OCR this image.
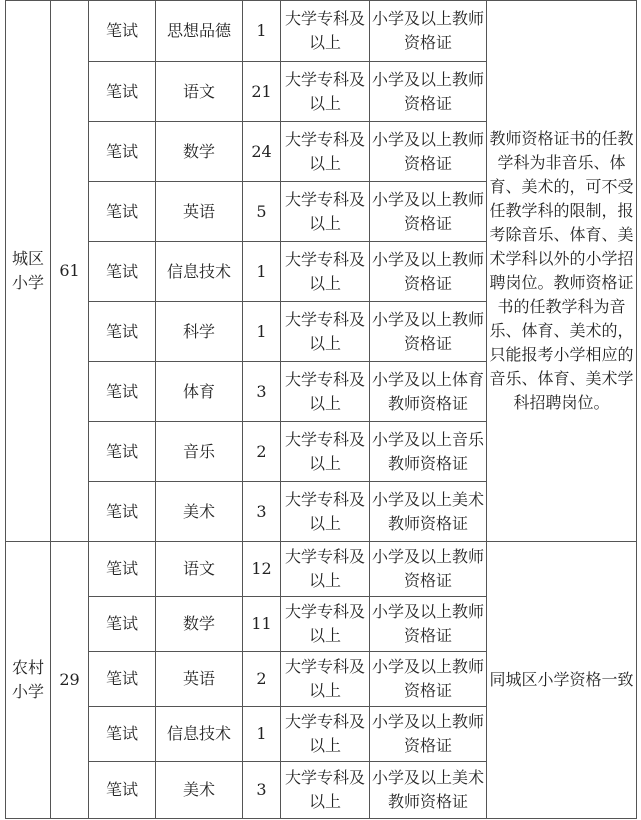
城区小学	61	笔试	思想品德	1	大学专科及以上	小学及以上教师资格证	教师资格证书的任教学科为非音乐、体育、美术的，可不受任教学科的限制，报考除音乐、体育、美术学科以外的小学招聘岗位。教师资格证书的任教学科为音乐、体育、美术的，只能报考小学相应的音乐、体育、美术学科招聘岗位。
		笔试	语文	21	大学专科及以上	小学及以上教师资格证	
		笔试	数学	24	大学专科及以上	小学及以上教师资格证	
		笔试	英语	5	大学专科及以上	小学及以上教师资格证	
		笔试	信息技术	1	大学专科及以上	小学及以上教师资格证	
		笔试	科学	1	大学专科及以上	小学及以上教师资格证	
		笔试	体育	3	大学专科及以上	小学及以上体育教师资格证	
		笔试	音乐	2	大学专科及以上	小学及以上音乐教师资格证	
		笔试	美术	3	大学专科及以上	小学及以上美术教师资格证	
农村小学	29	笔试	语文	12	大学专科及以上	小学及以上教师资格证	同城区小学资格一致
		笔试	数学	11	大学专科及以上	小学及以上教师资格证	
		笔试	英语	2	大学专科及以上	小学及以上教师资格证	
		笔试	信息技术	1	大学专科及以上	小学及以上教师资格证	
		笔试	美术	3	大学专科及以上	小学及以上美术教师资格证	
